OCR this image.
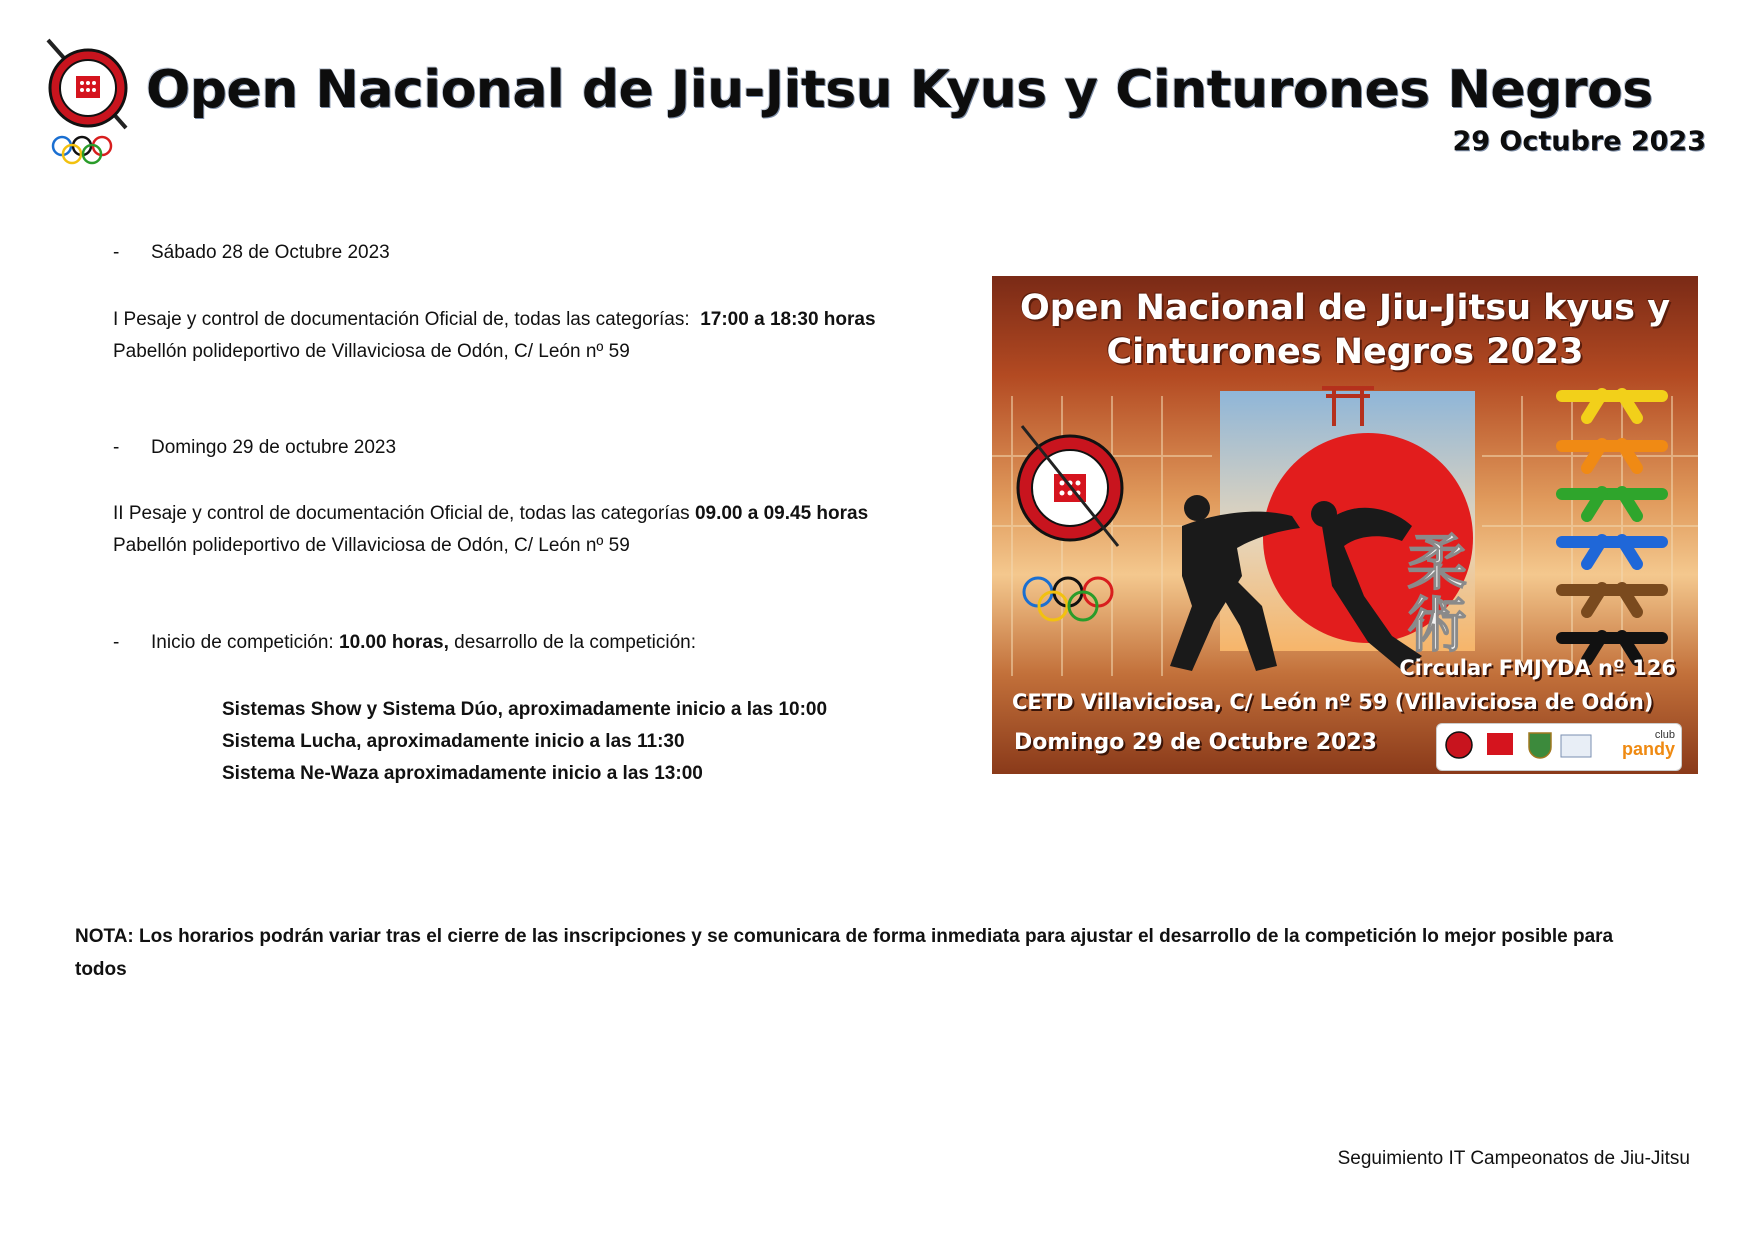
Open Nacional de Jiu-Jitsu Kyus y Cinturones Negros
29 Octubre 2023
- Sábado 28 de Octubre 2023
I Pesaje y control de documentación Oficial de, todas las categorías: 17:00 a 18:30 horas
Pabellón polideportivo de Villaviciosa de Odón, C/ León nº 59
- Domingo 29 de octubre 2023
II Pesaje y control de documentación Oficial de, todas las categorías 09.00 a 09.45 horas
Pabellón polideportivo de Villaviciosa de Odón, C/ León nº 59
- Inicio de competición: 10.00 horas, desarrollo de la competición:
Sistemas Show y Sistema Dúo, aproximadamente inicio a las 10:00
Sistema Lucha, aproximadamente inicio a las 11:30
Sistema Ne-Waza aproximadamente inicio a las 13:00
柔術
Open Nacional de Jiu-Jitsu kyus y
Cinturones Negros 2023
Circular FMJYDA nº 126
CETD Villaviciosa, C/ León nº 59 (Villaviciosa de Odón)
Domingo 29 de Octubre 2023	club
pandy
NOTA: Los horarios podrán variar tras el cierre de las inscripciones y se comunicara de forma inmediata para ajustar el desarrollo de la competición lo mejor posible para todos
Seguimiento IT Campeonatos de Jiu-Jitsu
